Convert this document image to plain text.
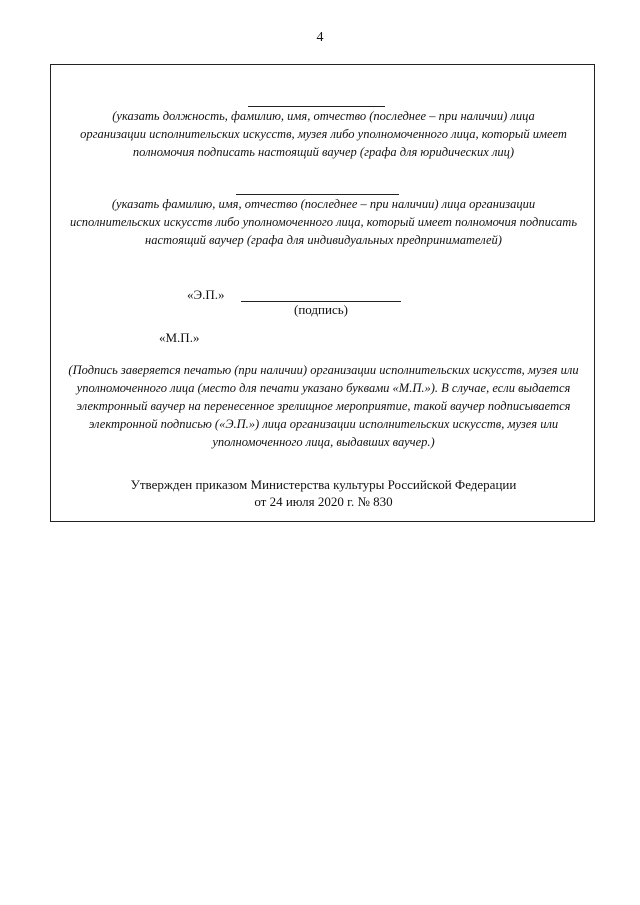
4
(указать должность, фамилию, имя, отчество (последнее – при наличии) лица
организации исполнительских искусств, музея либо уполномоченного лица, который имеет
полномочия подписать настоящий ваучер (графа для юридических лиц)
(указать фамилию, имя, отчество (последнее – при наличии) лица организации
исполнительских искусств либо уполномоченного лица, который имеет полномочия подписать
настоящий ваучер (графа для индивидуальных предпринимателей)
«Э.П.»
(подпись)
«М.П.»
(Подпись заверяется печатью (при наличии) организации исполнительских искусств, музея или
уполномоченного лица (место для печати указано буквами «М.П.»). В случае, если выдается
электронный ваучер на перенесенное зрелищное мероприятие, такой ваучер подписывается
электронной подписью («Э.П.») лица организации исполнительских искусств, музея или
уполномоченного лица, выдавших ваучер.)
Утвержден приказом Министерства культуры Российской Федерации
от 24 июля 2020 г. № 830
